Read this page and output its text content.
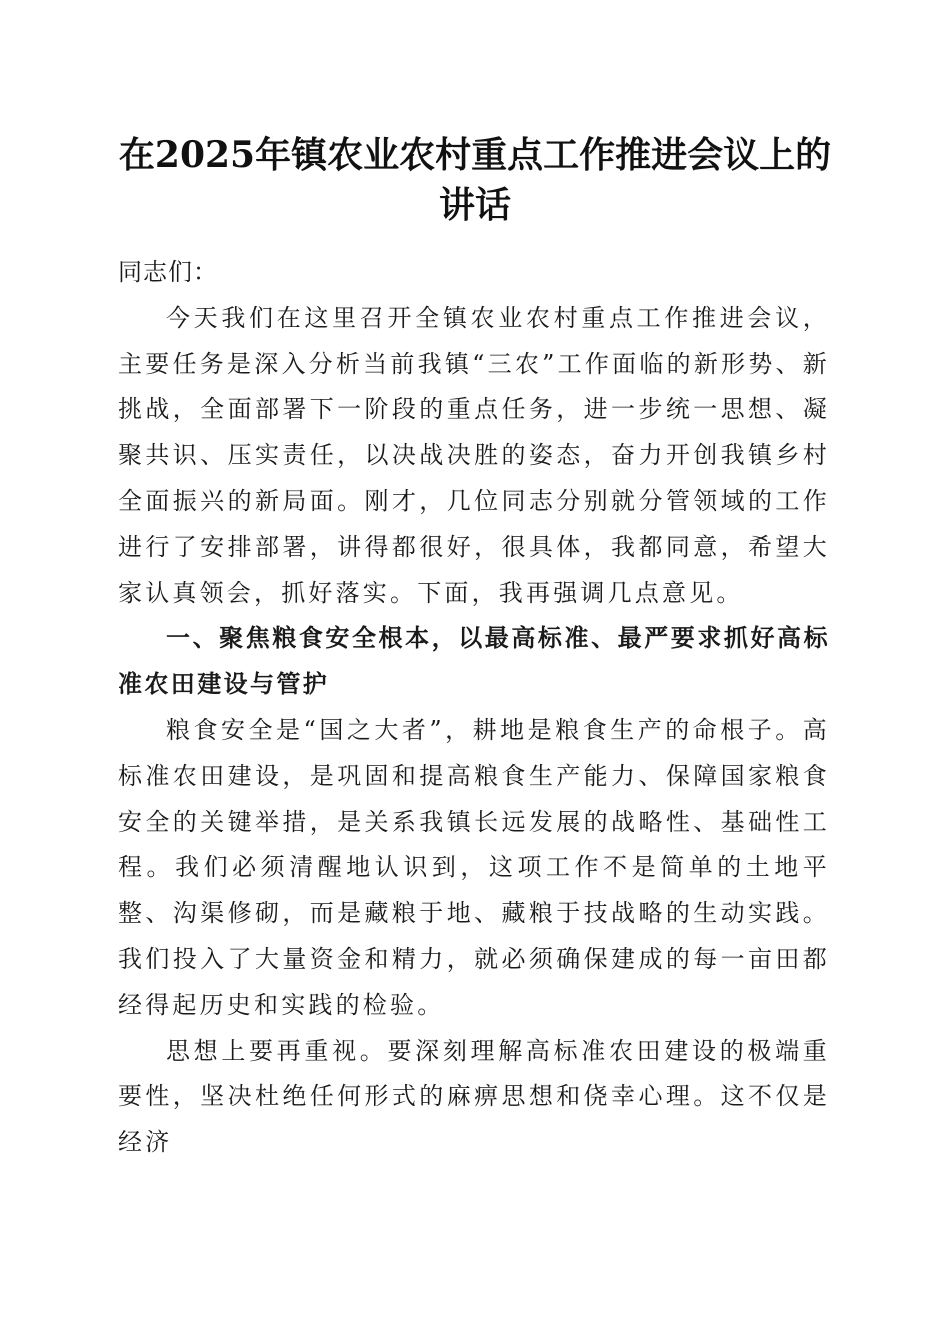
在2025年镇农业农村重点工作推进会议上的
讲话

同志们：

今天我们在这里召开全镇农业农村重点工作推进会议，主要任务是深入分析当前我镇“三农”工作面临的新形势、新挑战，全面部署下一阶段的重点任务，进一步统一思想、凝聚共识、压实责任，以决战决胜的姿态，奋力开创我镇乡村全面振兴的新局面。刚才，几位同志分别就分管领域的工作进行了安排部署，讲得都很好，很具体，我都同意，希望大家认真领会，抓好落实。下面，我再强调几点意见。

一、聚焦粮食安全根本，以最高标准、最严要求抓好高标准农田建设与管护

粮食安全是“国之大者”，耕地是粮食生产的命根子。高标准农田建设，是巩固和提高粮食生产能力、保障国家粮食安全的关键举措，是关系我镇长远发展的战略性、基础性工程。我们必须清醒地认识到，这项工作不是简单的土地平整、沟渠修砌，而是藏粮于地、藏粮于技战略的生动实践。我们投入了大量资金和精力，就必须确保建成的每一亩田都经得起历史和实践的检验。

思想上要再重视。要深刻理解高标准农田建设的极端重要性，坚决杜绝任何形式的麻痹思想和侥幸心理。这不仅是经济
